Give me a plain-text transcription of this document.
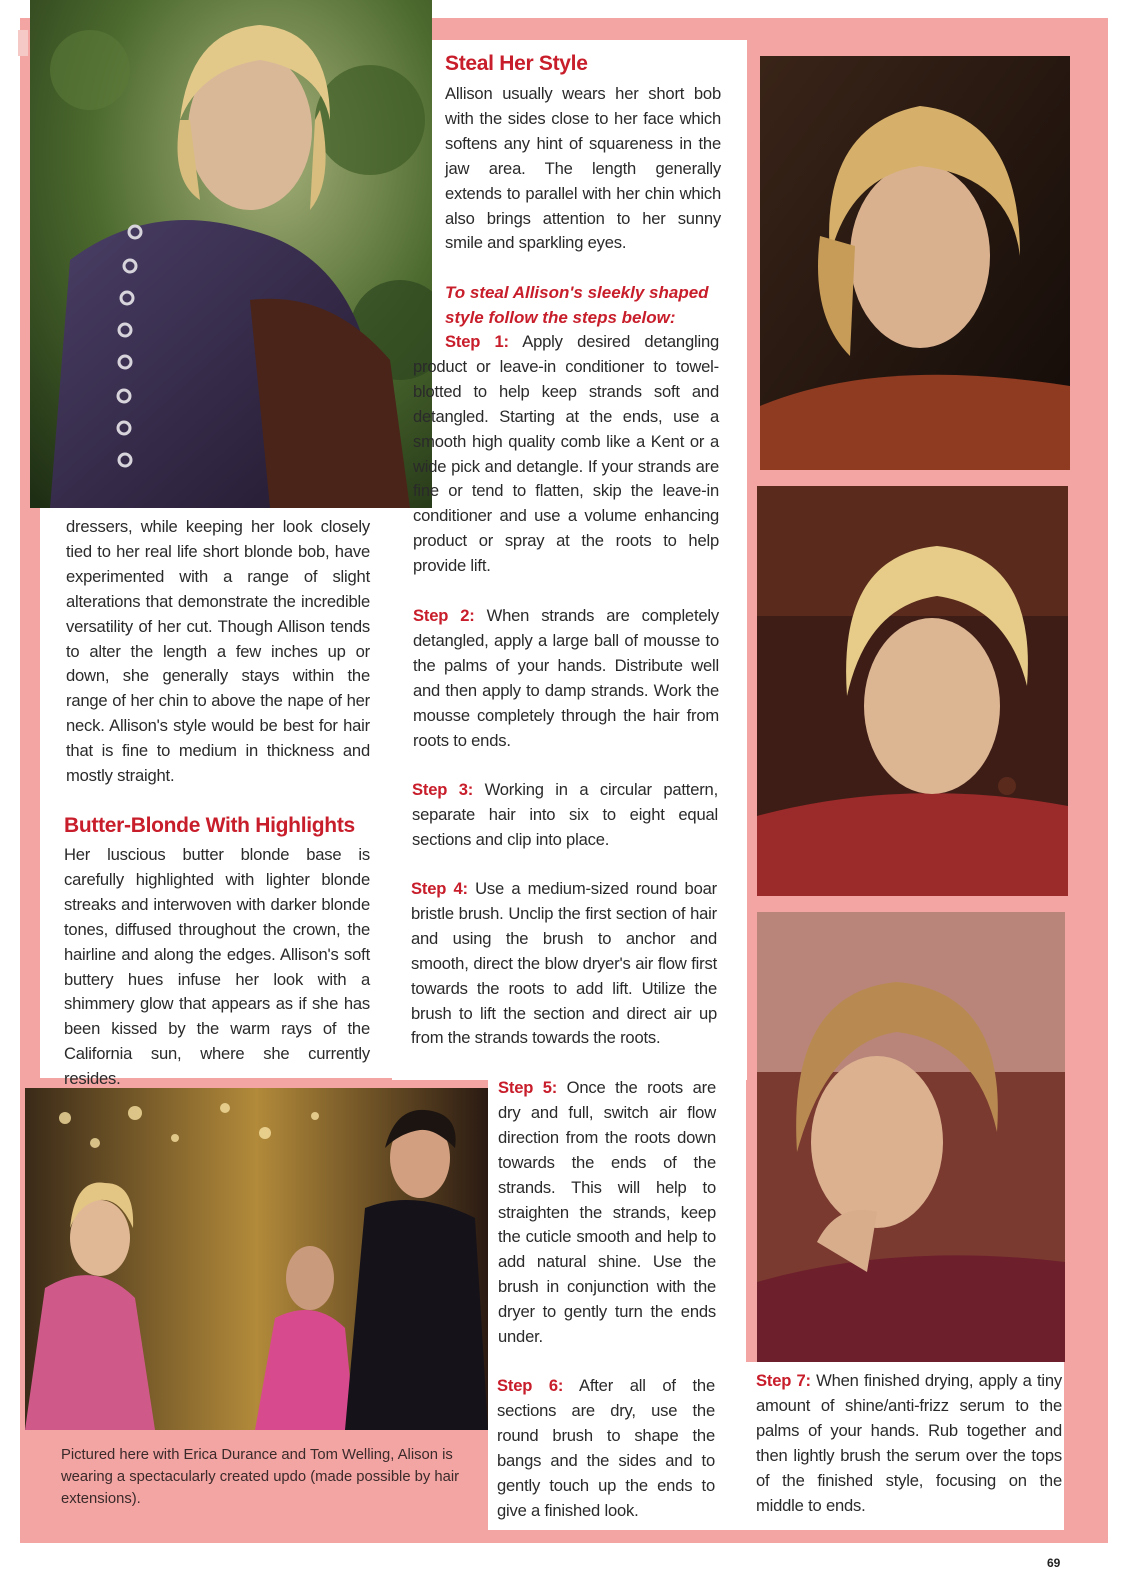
dressers, while keeping her look closely tied to her real life short blonde bob, have experimented with a range of slight alterations that demonstrate the incredible versatility of her cut. Though Allison tends to alter the length a few inches up or down, she generally stays within the range of her chin to above the nape of her neck. Allison's style would be best for hair that is fine to medium in thickness and mostly straight.

Butter-Blonde With Highlights

Her luscious butter blonde base is carefully highlighted with lighter blonde streaks and interwoven with darker blonde tones, diffused throughout the crown, the hairline and along the edges. Allison's soft buttery hues infuse her look with a shimmery glow that appears as if she has been kissed by the warm rays of the California sun, where she currently resides.

Pictured here with Erica Durance and Tom Welling, Alison is wearing a spectacularly created updo (made possible by hair extensions).

Steal Her Style

Allison usually wears her short bob with the sides close to her face which softens any hint of squareness in the jaw area. The length generally extends to parallel with her chin which also brings attention to her sunny smile and sparkling eyes.

To steal Allison's sleekly shaped style follow the steps below:

Step 1: Apply desired detangling product or leave-in conditioner to towel-blotted to help keep strands soft and detangled. Starting at the ends, use a smooth high quality comb like a Kent or a wide pick and detangle. If your strands are fine or tend to flatten, skip the leave-in conditioner and use a volume enhancing product or spray at the roots to help provide lift.

Step 2: When strands are completely detangled, apply a large ball of mousse to the palms of your hands. Distribute well and then apply to damp strands. Work the mousse completely through the hair from roots to ends.

Step 3: Working in a circular pattern, separate hair into six to eight equal sections and clip into place.

Step 4: Use a medium-sized round boar bristle brush. Unclip the first section of hair and using the brush to anchor and smooth, direct the blow dryer's air flow first towards the roots to add lift. Utilize the brush to lift the section and direct air up from the strands towards the roots.

Step 5: Once the roots are dry and full, switch air flow direction from the roots down towards the ends of the strands. This will help to straighten the strands, keep the cuticle smooth and help to add natural shine. Use the brush in conjunction with the dryer to gently turn the ends under.

Step 6: After all of the sections are dry, use the round brush to shape the bangs and the sides and to gently touch up the ends to give a finished look.

Step 7: When finished drying, apply a tiny amount of shine/anti-frizz serum to the palms of your hands. Rub together and then lightly brush the serum over the tops of the finished style, focusing on the middle to ends.

69
